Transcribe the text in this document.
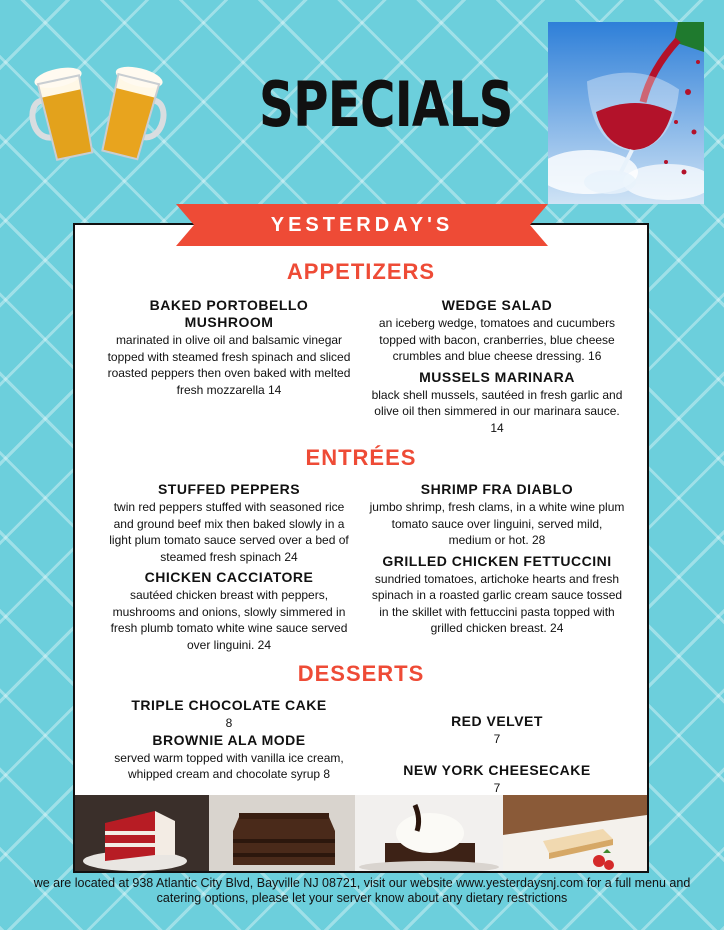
SPECIALS
APPETIZERS
BAKED PORTOBELLO MUSHROOM
marinated in olive oil and balsamic vinegar topped with steamed fresh spinach and sliced roasted peppers then oven baked with melted fresh mozzarella 14
WEDGE SALAD
an iceberg wedge, tomatoes and cucumbers topped with bacon, cranberries, blue cheese crumbles and blue cheese dressing. 16
MUSSELS MARINARA
black shell mussels, sautéed in fresh garlic and olive oil then simmered in our marinara sauce. 14
ENTRÉES
STUFFED PEPPERS
twin red peppers stuffed with seasoned rice and ground beef mix then baked slowly in a light plum tomato sauce served over a bed of steamed fresh spinach 24
CHICKEN CACCIATORE
sautéed chicken breast with peppers, mushrooms and onions, slowly simmered in fresh plumb tomato white wine sauce served over linguini. 24
SHRIMP FRA DIABLO
jumbo shrimp, fresh clams, in a white wine plum tomato sauce over linguini, served mild, medium or hot. 28
GRILLED CHICKEN FETTUCCINI
sundried tomatoes, artichoke hearts and fresh spinach in a roasted garlic cream sauce tossed in the skillet with fettuccini pasta topped with grilled chicken breast. 24
DESSERTS
TRIPLE CHOCOLATE CAKE
8
BROWNIE ALA MODE
served warm topped with vanilla ice cream, whipped cream and chocolate syrup 8
RED VELVET
7
NEW YORK CHEESECAKE
7
YESTERDAY'S
we are located at 938 Atlantic City Blvd, Bayville NJ 08721, visit our website www.yesterdaysnj.com for a full menu and catering options, please let your server know about any dietary restrictions
